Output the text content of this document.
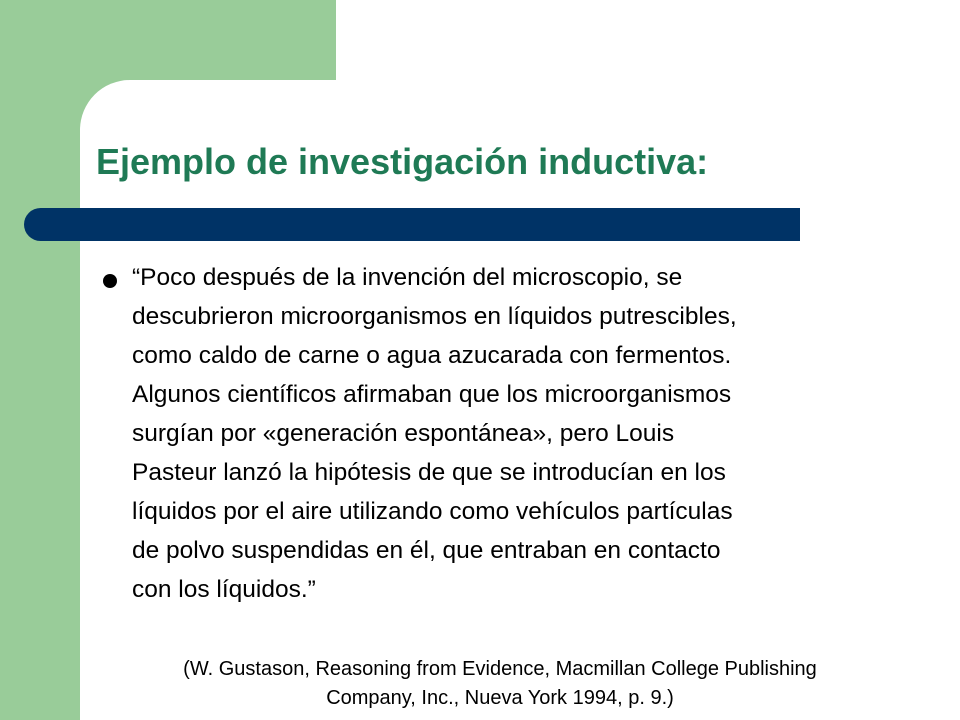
Ejemplo de investigación inductiva:

“Poco después de la invención del microscopio, se
descubrieron microorganismos en líquidos putrescibles,
como caldo de carne o agua azucarada con fermentos.
Algunos científicos afirmaban que los microorganismos
surgían por «generación espontánea», pero Louis
Pasteur lanzó la hipótesis de que se introducían en los
líquidos por el aire utilizando como vehículos partículas
de polvo suspendidas en él, que entraban en contacto
con los líquidos.”

(W. Gustason, Reasoning from Evidence, Macmillan College Publishing
Company, Inc., Nueva York 1994, p. 9.)
